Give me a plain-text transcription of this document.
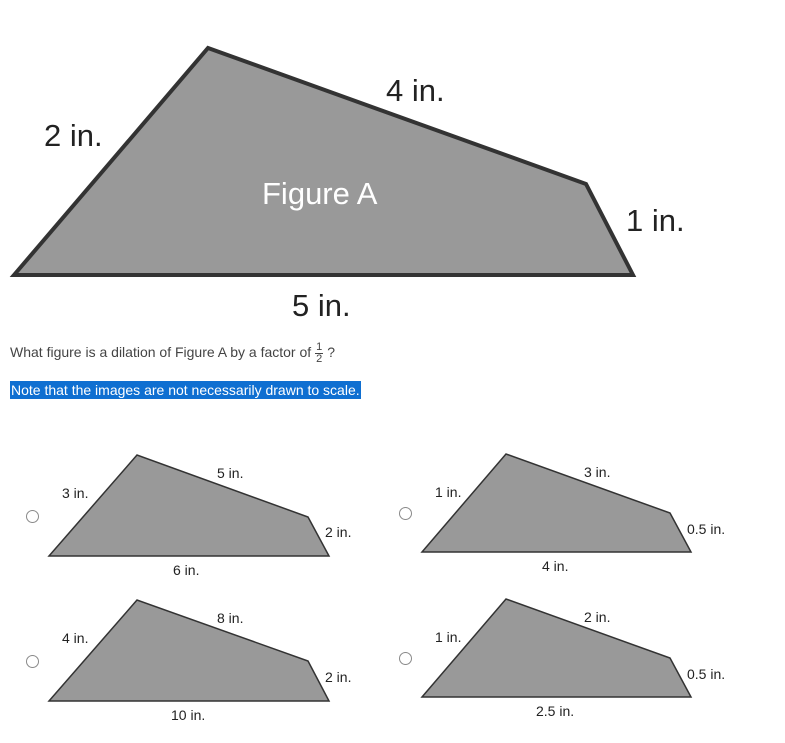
2 in.
4 in.
1 in.
5 in.
Figure A
What figure is a dilation of Figure A by a factor of $\frac{1}{2}$ ?
Note that the images are not necessarily drawn to scale.
3 in.
5 in.
2 in.
6 in.
1 in.
3 in.
0.5 in.
4 in.
4 in.
8 in.
2 in.
10 in.
1 in.
2 in.
0.5 in.
2.5 in.
